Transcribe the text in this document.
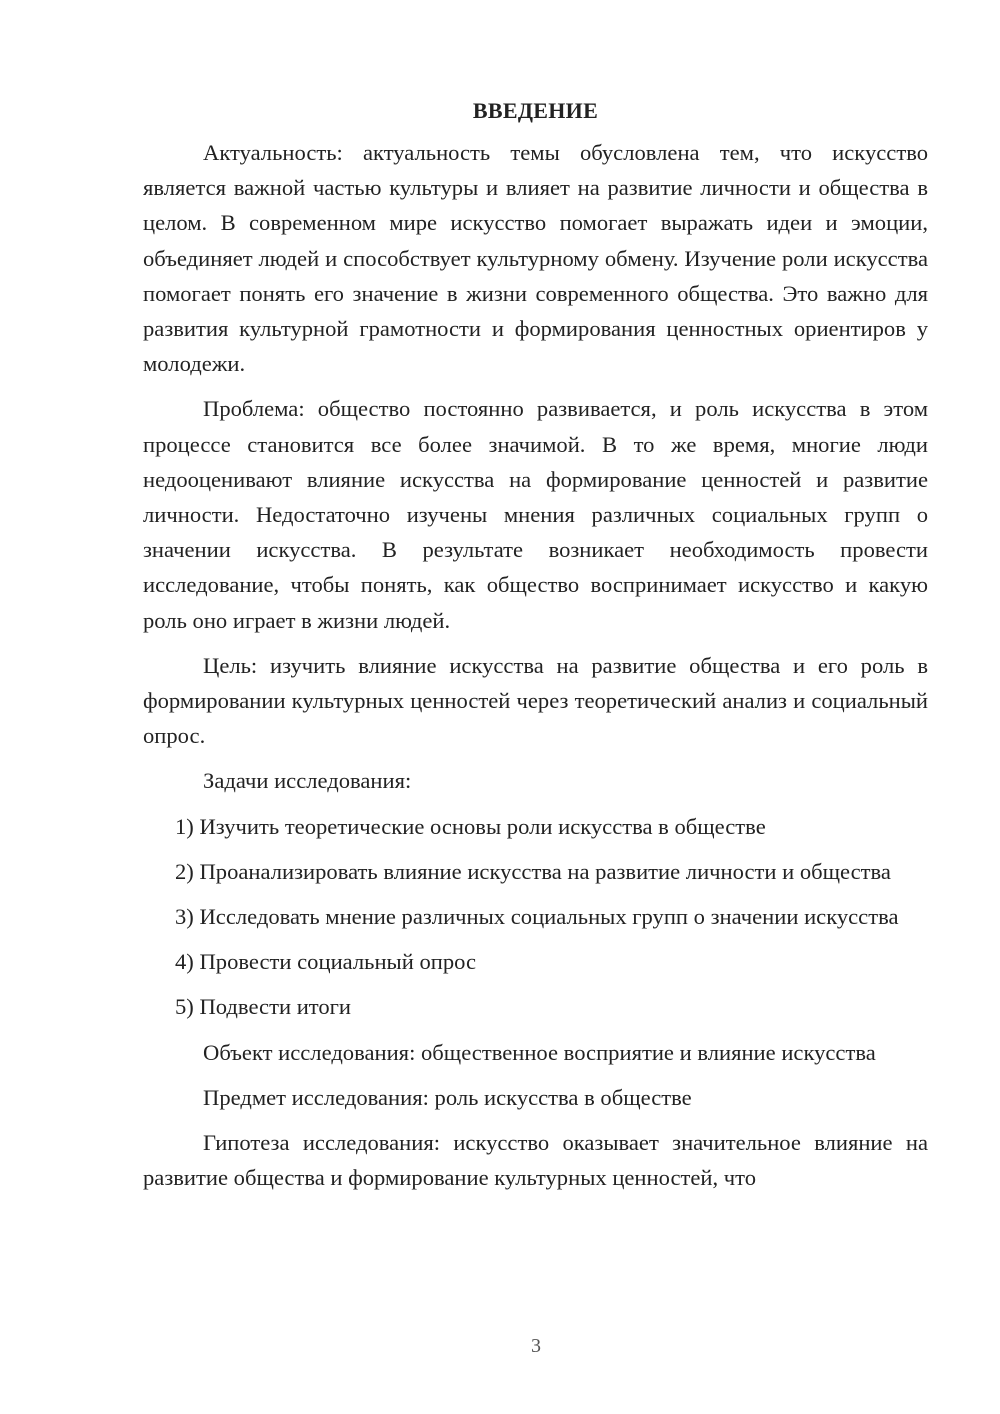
ВВЕДЕНИЕ

Актуальность: актуальность темы обусловлена тем, что искусство является важной частью культуры и влияет на развитие личности и общества в целом. В современном мире искусство помогает выражать идеи и эмоции, объединяет людей и способствует культурному обмену. Изучение роли искусства помогает понять его значение в жизни современного общества. Это важно для развития культурной грамотности и формирования ценностных ориентиров у молодежи.

Проблема: общество постоянно развивается, и роль искусства в этом процессе становится все более значимой. В то же время, многие люди недооценивают влияние искусства на формирование ценностей и развитие личности. Недостаточно изучены мнения различных социальных групп о значении искусства. В результате возникает необходимость провести исследование, чтобы понять, как общество воспринимает искусство и какую роль оно играет в жизни людей.

Цель: изучить влияние искусства на развитие общества и его роль в формировании культурных ценностей через теоретический анализ и социальный опрос.

Задачи исследования:

1) Изучить теоретические основы роли искусства в обществе

2) Проанализировать влияние искусства на развитие личности и общества

3) Исследовать мнение различных социальных групп о значении искусства

4) Провести социальный опрос

5) Подвести итоги

Объект исследования: общественное восприятие и влияние искусства

Предмет исследования: роль искусства в обществе

Гипотеза исследования: искусство оказывает значительное влияние на развитие общества и формирование культурных ценностей, что

3
